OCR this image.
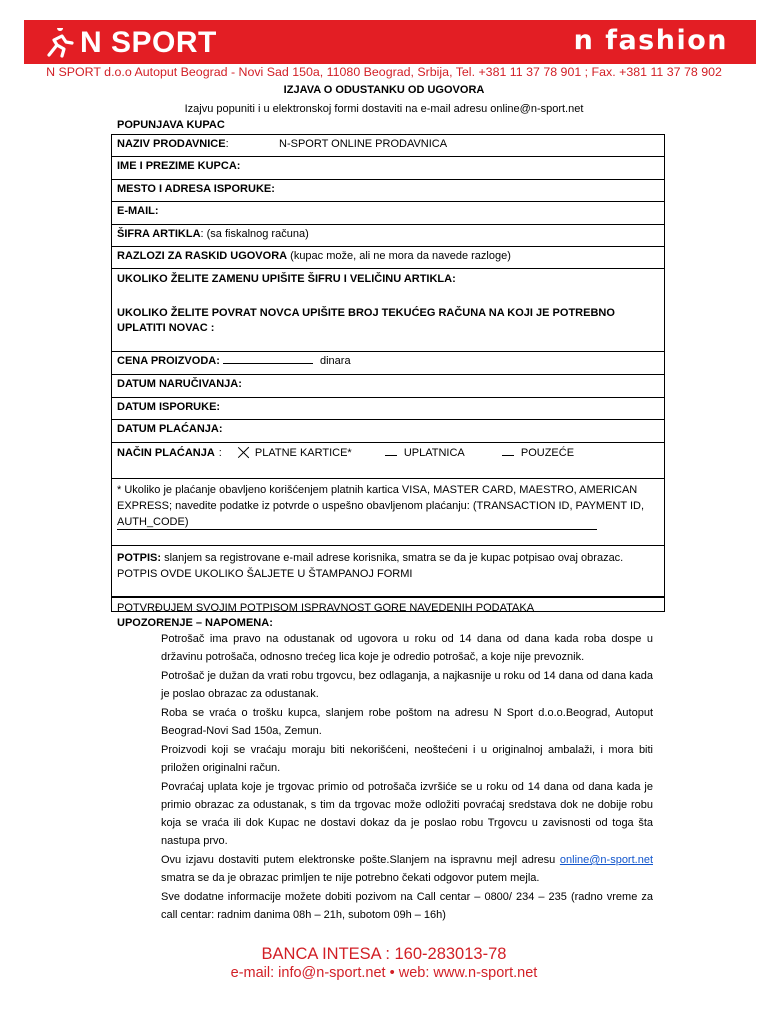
N SPORT	n fashion
N SPORT d.o.o Autoput Beograd - Novi Sad 150a, 11080 Beograd, Srbija, Tel. +381 11 37 78 901 ; Fax. +381 11 37 78 902
IZJAVA O ODUSTANKU OD UGOVORA
Izajvu popuniti i u elektronskoj formi dostaviti na e-mail adresu online@n-sport.net
POPUNJAVA KUPAC
NAZIV PRODAVNICE:	N-SPORT ONLINE PRODAVNICA
IME I PREZIME KUPCA:
MESTO I ADRESA ISPORUKE:
E-MAIL:
ŠIFRA ARTIKLA: (sa fiskalnog računa)
RAZLOZI ZA RASKID UGOVORA (kupac može, ali ne mora da navede razloge)
UKOLIKO ŽELITE ZAMENU UPIŠITE ŠIFRU I VELIČINU ARTIKLA:
UKOLIKO ŽELITE POVRAT NOVCA UPIŠITE BROJ TEKUĆEG RAČUNA NA KOJI JE POTREBNO UPLATITI NOVAC :
CENA PROIZVODA:	dinara
DATUM NARUČIVANJA:
DATUM ISPORUKE:
DATUM PLAĆANJA:
NAČIN PLAĆANJA :	PLATNE KARTICE*	UPLATNICA	POUZEĆE
* Ukoliko je plaćanje obavljeno korišćenjem platnih kartica VISA, MASTER CARD, MAESTRO, AMERICAN EXPRESS; navedite podatke iz potvrde o uspešno obavljenom plaćanju: (TRANSACTION ID, PAYMENT ID, AUTH_CODE)
POTPIS: slanjem sa registrovane e-mail adrese korisnika, smatra se da je kupac potpisao ovaj obrazac.
POTPIS OVDE UKOLIKO ŠALJETE U ŠTAMPANOJ FORMI
POTVRĐUJEM SVOJIM POTPISOM ISPRAVNOST GORE NAVEDENIH PODATAKA
UPOZORENJE – NAPOMENA:

Potrošač ima pravo na odustanak od ugovora u roku od 14 dana od dana kada roba dospe u državinu potrošača, odnosno trećeg lica koje je odredio potrošač, a koje nije prevoznik.

Potrošač je dužan da vrati robu trgovcu, bez odlaganja, a najkasnije u roku od 14 dana od dana kada je poslao obrazac za odustanak.

Roba se vraća o trošku kupca, slanjem robe poštom na adresu N Sport d.o.o.Beograd, Autoput Beograd-Novi Sad 150a, Zemun.

Proizvodi koji se vraćaju moraju biti nekorišćeni, neoštećeni i u originalnoj ambalaži, i mora biti priložen originalni račun.

Povraćaj uplata koje je trgovac primio od potrošača izvršiće se u roku od 14 dana od dana kada je primio obrazac za odustanak, s tim da trgovac može odložiti povraćaj sredstava dok ne dobije robu koja se vraća ili dok Kupac ne dostavi dokaz da je poslao robu Trgovcu u zavisnosti od toga šta nastupa prvo.

Ovu izjavu dostaviti putem elektronske pošte.Slanjem na ispravnu mejl adresu online@n-sport.net smatra se da je obrazac primljen te nije potrebno čekati odgovor putem mejla.

Sve dodatne informacije možete dobiti pozivom na Call centar – 0800/ 234 – 235 (radno vreme za call centar: radnim danima 08h – 21h, subotom 09h – 16h)

BANCA INTESA : 160-283013-78
e-mail: info@n-sport.net • web: www.n-sport.net
